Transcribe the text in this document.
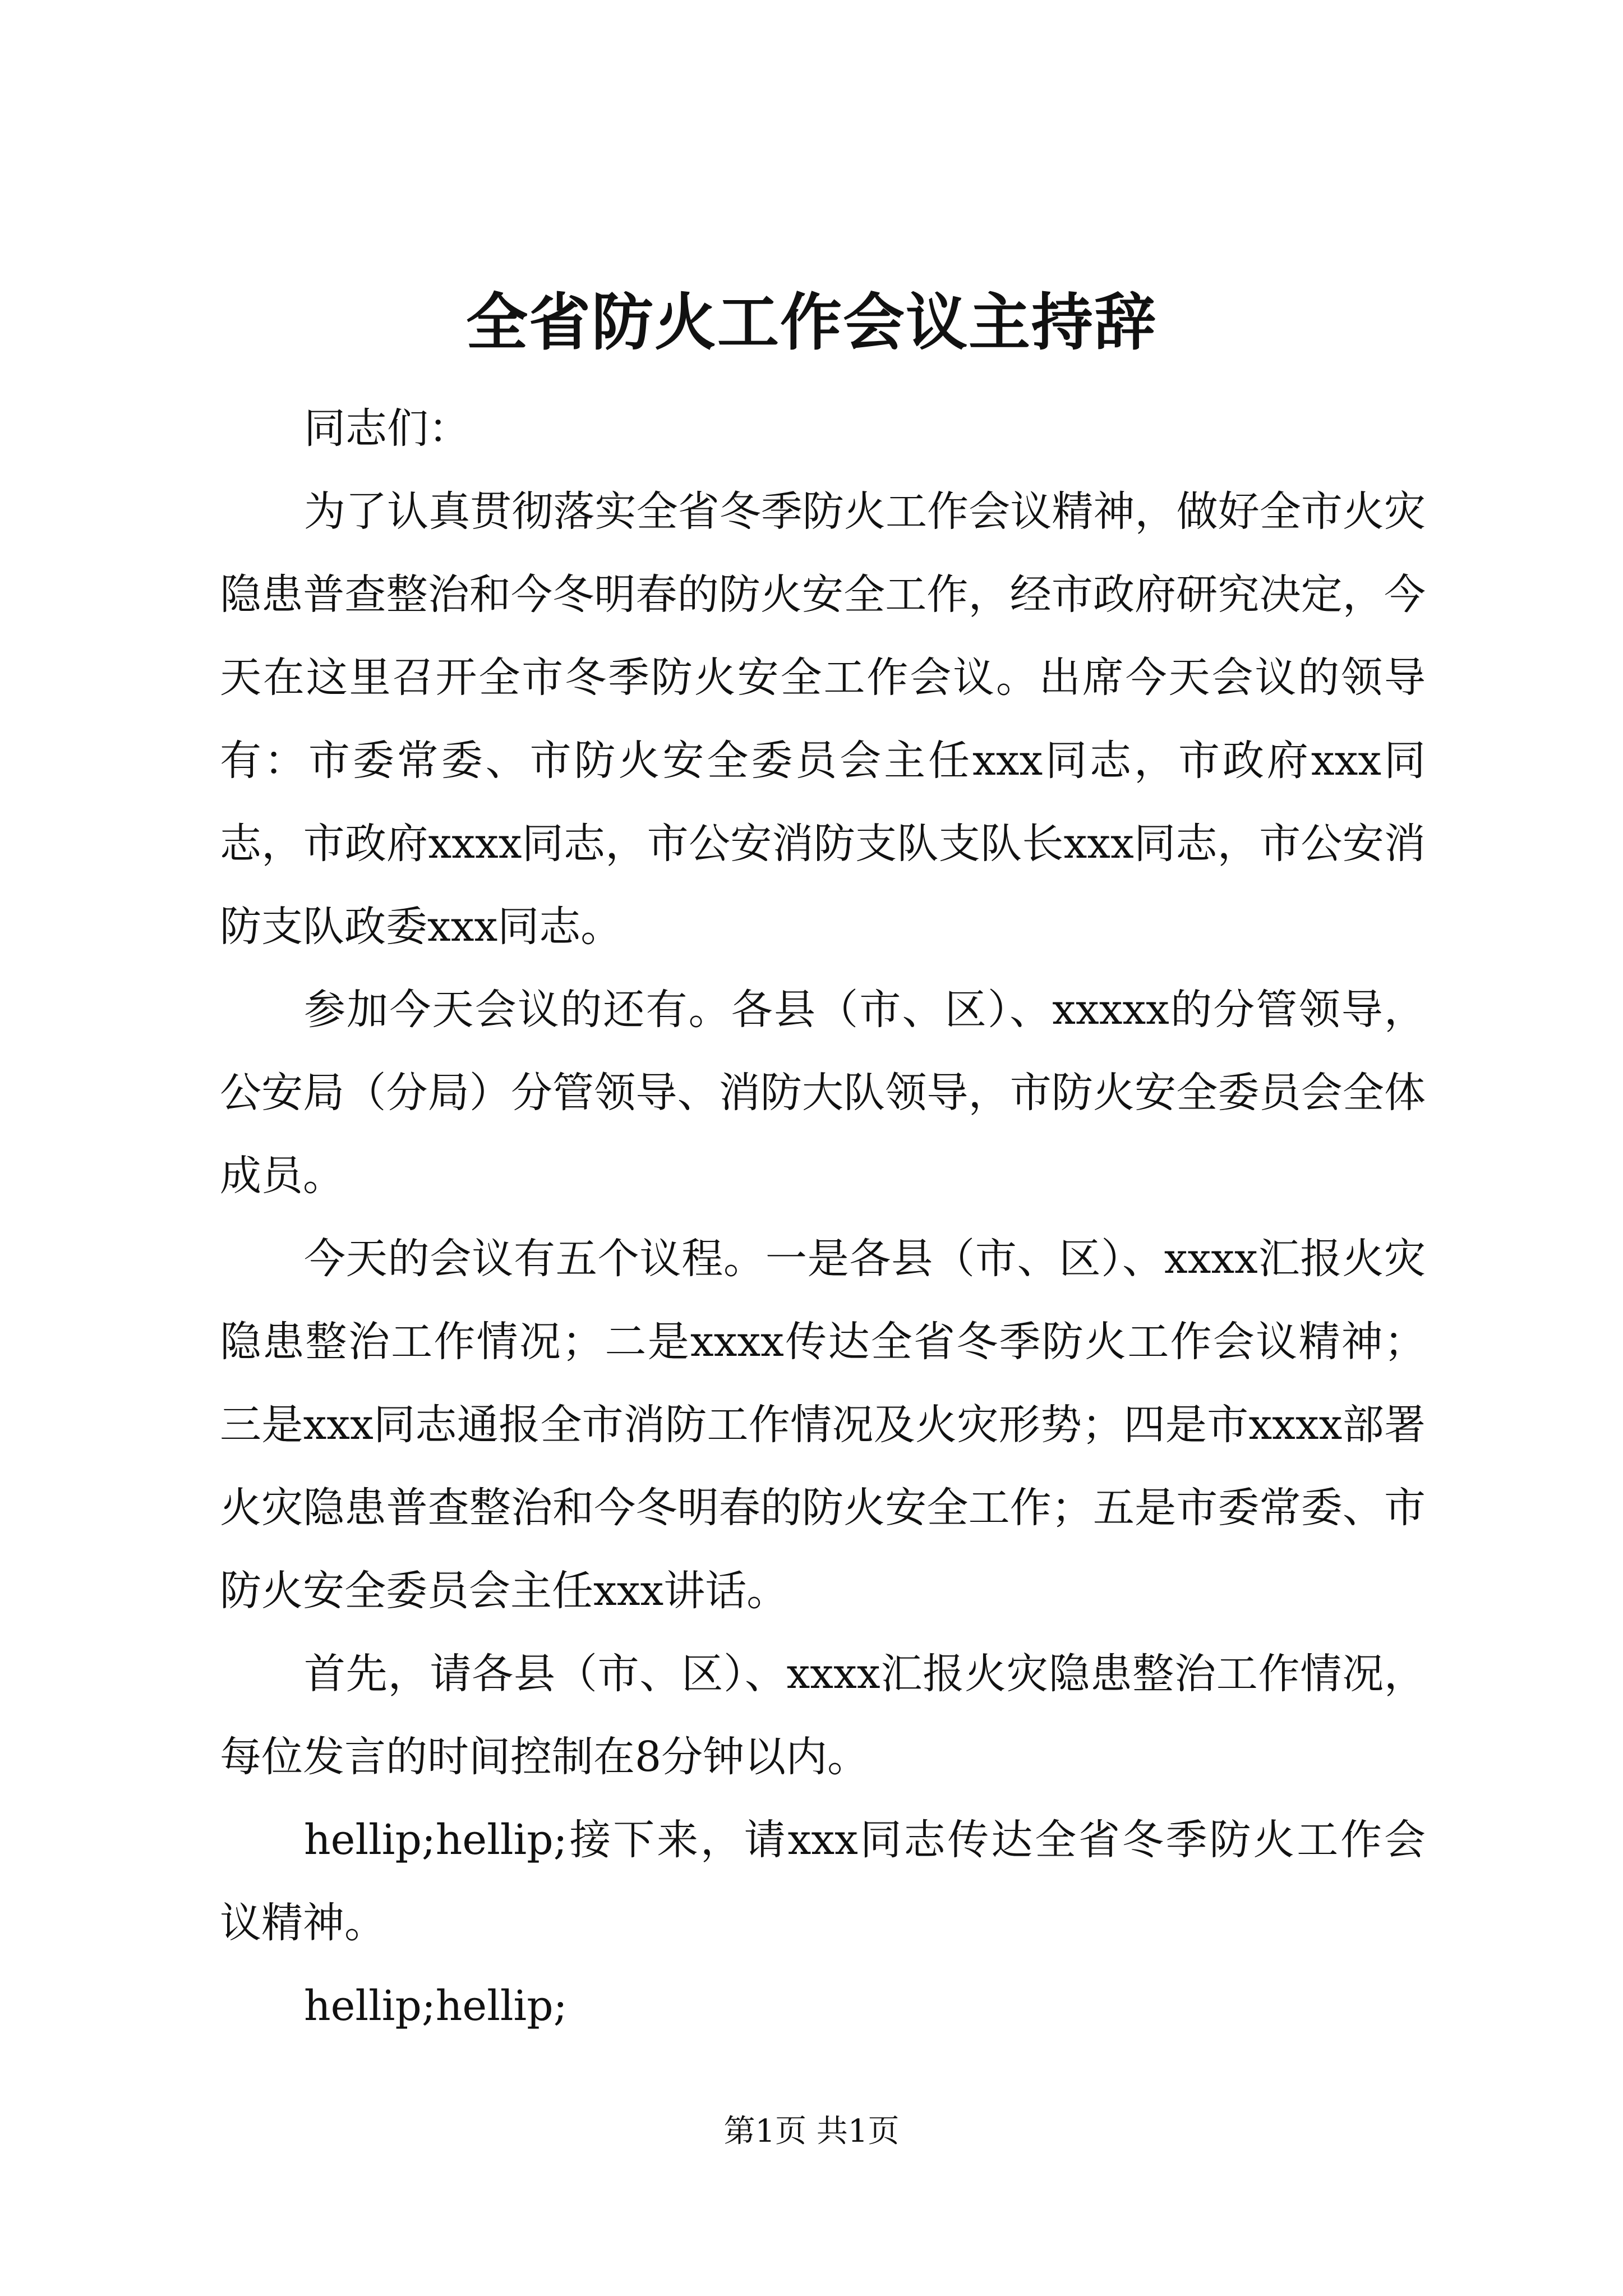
全省防火工作会议主持辞

同志们：

为了认真贯彻落实全省冬季防火工作会议精神，做好全市火灾隐患普查整治和今冬明春的防火安全工作，经市政府研究决定，今天在这里召开全市冬季防火安全工作会议。出席今天会议的领导有：市委常委、市防火安全委员会主任xxx同志，市政府xxx同志，市政府xxxx同志，市公安消防支队支队长xxx同志，市公安消防支队政委xxx同志。

参加今天会议的还有。各县（市、区）、xxxxx的分管领导，公安局（分局）分管领导、消防大队领导，市防火安全委员会全体成员。

今天的会议有五个议程。一是各县（市、区）、xxxx汇报火灾隐患整治工作情况；二是xxxx传达全省冬季防火工作会议精神；三是xxx同志通报全市消防工作情况及火灾形势；四是市xxxx部署火灾隐患普查整治和今冬明春的防火安全工作；五是市委常委、市防火安全委员会主任xxx讲话。

首先，请各县（市、区）、xxxx汇报火灾隐患整治工作情况，每位发言的时间控制在8分钟以内。

hellip;hellip;接下来，请xxx同志传达全省冬季防火工作会议精神。

hellip;hellip;

第1页 共1页
